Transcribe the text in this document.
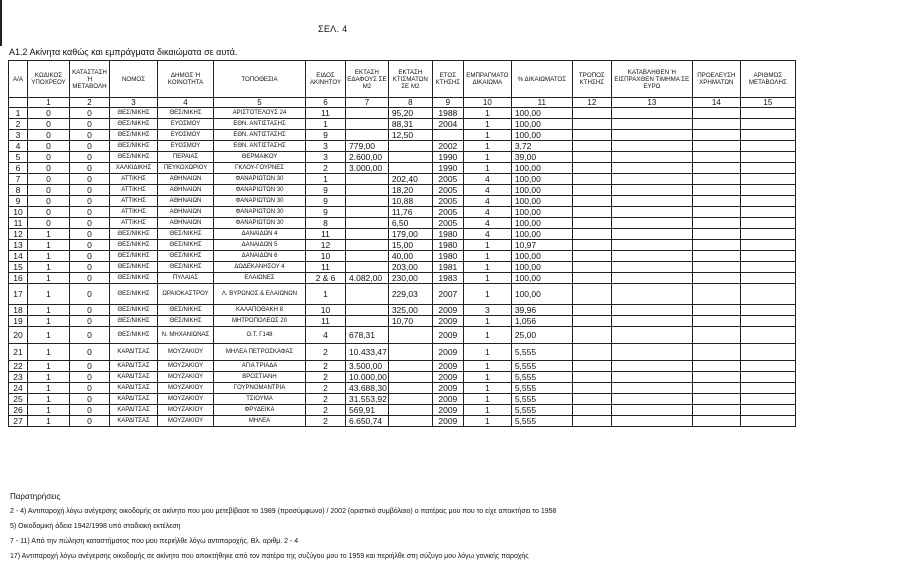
ΣΕΛ. 4
Α1.2 Ακίνητα καθώς και εμπράγματα δικαιώματα σε αυτά.
Α/Α	ΚΩΔΙΚΟΣ ΥΠΟΧΡΕΟΥ	ΚΑΤΑΣΤΑΣΗ Ή ΜΕΤΑΒΟΛΗ	ΝΟΜΟΣ	ΔΗΜΟΣ Ή ΚΟΙΝΟΤΗΤΑ	ΤΟΠΟΘΕΣΙΑ	ΕΙΔΟΣ ΑΚΙΝΗΤΟΥ	ΕΚΤΑΣΗ ΕΔΑΦΟΥΣ ΣΕ Μ2	ΕΚΤΑΣΗ ΚΤΙΣΜΑΤΩΝ ΣΕ Μ2	ΕΤΟΣ ΚΤΗΣΗΣ	ΕΜΠΡΑΓΜΑΤΟ ΔΙΚΑΙΩΜΑ	% ΔΙΚΑΙΩΜΑΤΟΣ	ΤΡΟΠΟΣ ΚΤΗΣΗΣ	ΚΑΤΑΒΛΗΘΕΝ Ή ΕΙΣΠΡΑΧΘΕΝ ΤΙΜΗΜΑ ΣΕ ΕΥΡΩ	ΠΡΟΕΛΕΥΣΗ ΧΡΗΜΑΤΩΝ	ΑΡΙΘΜΟΣ ΜΕΤΑΒΟΛΗΣ
	1	2	3	4	5	6	7	8	9	10	11	12	13	14	15
1	0	0	ΘΕΣ/ΝΙΚΗΣ	ΘΕΣ/ΝΙΚΗΣ	ΑΡΙΣΤΟΤΕΛΟΥΣ 24	11		95,20	1988	1	100,00				
2	0	0	ΘΕΣ/ΝΙΚΗΣ	ΕΥΟΣΜΟΥ	ΕΘΝ. ΑΝΤΙΣΤΑΣΗΣ	1		88,31	2004	1	100,00				
3	0	0	ΘΕΣ/ΝΙΚΗΣ	ΕΥΟΣΜΟΥ	ΕΘΝ. ΑΝΤΙΣΤΑΣΗΣ	9		12,50		1	100,00				
4	0	0	ΘΕΣ/ΝΙΚΗΣ	ΕΥΟΣΜΟΥ	ΕΘΝ. ΑΝΤΙΣΤΑΣΗΣ	3	779,00		2002	1	3,72				
5	0	0	ΘΕΣ/ΝΙΚΗΣ	ΠΕΡΑΙΑΣ	ΘΕΡΜΑΙΚΟΥ	3	2.600,00		1990	1	39,00				
6	0	0	ΧΑΛΚΙΔΙΚΗΣ	ΠΕΥΚΟΧΩΡΙΟΥ	ΓΚΛΟΥ-ΓΟΥΡΝΕΣ	2	3.000,00		1990	1	100,00				
7	0	0	ΑΤΤΙΚΗΣ	ΑΘΗΝΑΙΩΝ	ΦΑΝΑΡΙΩΤΩΝ 30	1		202,40	2005	4	100,00				
8	0	0	ΑΤΤΙΚΗΣ	ΑΘΗΝΑΙΩΝ	ΦΑΝΑΡΙΩΤΩΝ 30	9		18,20	2005	4	100,00				
9	0	0	ΑΤΤΙΚΗΣ	ΑΘΗΝΑΙΩΝ	ΦΑΝΑΡΙΩΤΩΝ 30	9		10,88	2005	4	100,00				
10	0	0	ΑΤΤΙΚΗΣ	ΑΘΗΝΑΙΩΝ	ΦΑΝΑΡΙΩΤΩΝ 30	9		11,76	2005	4	100,00				
11	0	0	ΑΤΤΙΚΗΣ	ΑΘΗΝΑΙΩΝ	ΦΑΝΑΡΙΩΤΩΝ 30	8		6,50	2005	4	100,00				
12	1	0	ΘΕΣ/ΝΙΚΗΣ	ΘΕΣ/ΝΙΚΗΣ	ΔΑΝΑΙΔΩΝ 4	11		179,00	1980	4	100,00				
13	1	0	ΘΕΣ/ΝΙΚΗΣ	ΘΕΣ/ΝΙΚΗΣ	ΔΑΝΑΙΔΩΝ 5	12		15,00	1980	1	10,97				
14	1	0	ΘΕΣ/ΝΙΚΗΣ	ΘΕΣ/ΝΙΚΗΣ	ΔΑΝΑΙΔΩΝ 6	10		40,00	1980	1	100,00				
15	1	0	ΘΕΣ/ΝΙΚΗΣ	ΘΕΣ/ΝΙΚΗΣ	ΔΩΔΕΚΑΝΗΣΟΥ 4	11		203,00	1981	1	100,00				
16	1	0	ΘΕΣ/ΝΙΚΗΣ	ΠΥΛΑΙΑΣ	ΕΛΑΙΩΝΕΣ	2 & 6	4.082,00	230,00	1983	1	100,00				
17	1	0	ΘΕΣ/ΝΙΚΗΣ	ΩΡΑΙΟΚΑΣΤΡΟΥ	Λ. ΒΥΡΩΝΟΣ & ΕΛΑΙΩΝΩΝ	1		229,03	2007	1	100,00				
18	1	0	ΘΕΣ/ΝΙΚΗΣ	ΘΕΣ/ΝΙΚΗΣ	ΚΑΛΑΠΟΘΑΚΗ 8	10		325,00	2009	3	39,96				
19	1	0	ΘΕΣ/ΝΙΚΗΣ	ΘΕΣ/ΝΙΚΗΣ	ΜΗΤΡΟΠΟΛΕΩΣ 20	11		10,70	2009	1	1,056				
20	1	0	ΘΕΣ/ΝΙΚΗΣ	Ν. ΜΗΧΑΝΙΩΝΑΣ	Ο.Τ. Γ148	4	678,31		2009	1	25,00				
21	1	0	ΚΑΡΔΙΤΣΑΣ	ΜΟΥΖΑΚΙΟΥ	ΜΗΛΕΑ ΠΕΤΡΟΣΚΑΦΑΣ	2	10.433,47		2009	1	5,555				
22	1	0	ΚΑΡΔΙΤΣΑΣ	ΜΟΥΖΑΚΙΟΥ	ΑΓΙΑ ΤΡΙΑΔΑ	2	3.500,00		2009	1	5,555				
23	1	0	ΚΑΡΔΙΤΣΑΣ	ΜΟΥΖΑΚΙΟΥ	ΒΡΟΣΤΙΑΝΗ	2	10.000,00		2009	1	5,555				
24	1	0	ΚΑΡΔΙΤΣΑΣ	ΜΟΥΖΑΚΙΟΥ	ΓΟΥΡΝΟΜΑΝΤΡΙΑ	2	43.688,30		2009	1	5,555				
25	1	0	ΚΑΡΔΙΤΣΑΣ	ΜΟΥΖΑΚΙΟΥ	ΤΣΙΟΥΜΑ	2	31.553,92		2009	1	5,555				
26	1	0	ΚΑΡΔΙΤΣΑΣ	ΜΟΥΖΑΚΙΟΥ	ΦΡΥΔΕΙΚΑ	2	569,91		2009	1	5,555				
27	1	0	ΚΑΡΔΙΤΣΑΣ	ΜΟΥΖΑΚΙΟΥ	ΜΗΛΕΑ	2	6.650,74		2009	1	5,555				
Παρατηρήσεις
2 - 4) Αντιπαροχή λόγω ανέγερσης οικοδομής σε ακίνητο που μου μετεβίβασε το 1989 (προσύμφωνο) / 2002 (οριστικό συμβόλαιο) ο πατέρας μου που το είχε αποκτήσει το 1958
5) Οικοδομική άδεια 1942/1998 υπό σταδιακή εκτέλεση
7 - 11) Από την πώληση καταστήματος που μου περιήλθε λόγω αντιπαροχής. Βλ. αριθμ. 2 - 4
17) Αντιπαροχή λόγω ανέγερσης οικοδομής σε ακίνητο που αποκτήθηκε από τον πατέρα της συζύγου μου το 1959 και περιήλθε στη σύζυγο μου λόγω γονικής παροχής
